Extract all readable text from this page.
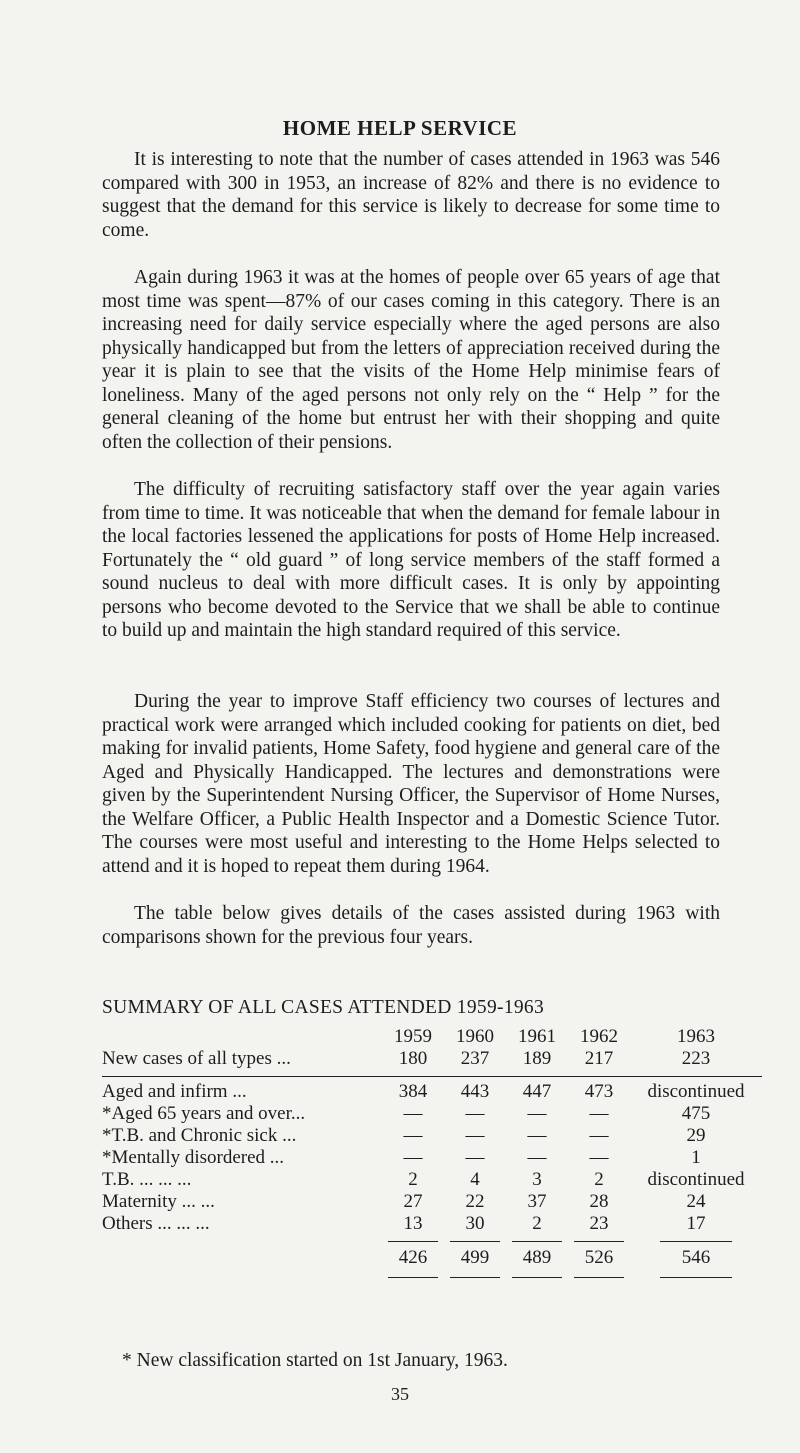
HOME HELP SERVICE

It is interesting to note that the number of cases attended in 1963 was 546 compared with 300 in 1953, an increase of 82% and there is no evidence to suggest that the demand for this service is likely to decrease for some time to come.

Again during 1963 it was at the homes of people over 65 years of age that most time was spent—87% of our cases coming in this category. There is an increasing need for daily service especially where the aged persons are also physically handicapped but from the letters of appreciation received during the year it is plain to see that the visits of the Home Help minimise fears of loneliness. Many of the aged persons not only rely on the “ Help ” for the general cleaning of the home but entrust her with their shopping and quite often the collection of their pensions.

The difficulty of recruiting satisfactory staff over the year again varies from time to time. It was noticeable that when the demand for female labour in the local factories lessened the applications for posts of Home Help increased. Fortunately the “ old guard ” of long service members of the staff formed a sound nucleus to deal with more difficult cases. It is only by appointing persons who become devoted to the Service that we shall be able to continue to build up and maintain the high standard required of this service.

During the year to improve Staff efficiency two courses of lectures and practical work were arranged which included cooking for patients on diet, bed making for invalid patients, Home Safety, food hygiene and general care of the Aged and Physically Handicapped. The lectures and demonstrations were given by the Superintendent Nursing Officer, the Supervisor of Home Nurses, the Welfare Officer, a Public Health Inspector and a Domestic Science Tutor. The courses were most useful and interesting to the Home Helps selected to attend and it is hoped to repeat them during 1964.

The table below gives details of the cases assisted during 1963 with comparisons shown for the previous four years.

SUMMARY OF ALL CASES ATTENDED 1959-1963
	1959	1960	1961	1962	1963
New cases of all types ...	180	237	189	217	223

Aged and infirm ...	384	443	447	473	discontinued
*Aged 65 years and over...	—	—	—	—	475
*T.B. and Chronic sick ...	—	—	—	—	29
*Mentally disordered ...	—	—	—	—	1
T.B. ... ... ...	2	4	3	2	discontinued
Maternity ... ...	27	22	37	28	24
Others ... ... ...	13	30	2	23	17

	426	499	489	526	546

* New classification started on 1st January, 1963.
35
